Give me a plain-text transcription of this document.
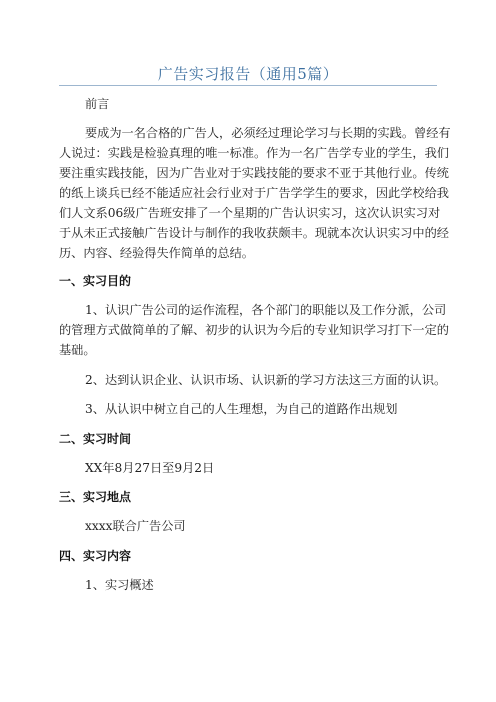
广告实习报告（通用5篇）
前言
要成为一名合格的广告人，必须经过理论学习与长期的实践。曾经有
人说过：实践是检验真理的唯一标准。作为一名广告学专业的学生，我们
要注重实践技能，因为广告业对于实践技能的要求不亚于其他行业。传统
的纸上谈兵已经不能适应社会行业对于广告学学生的要求，因此学校给我
们人文系06级广告班安排了一个星期的广告认识实习，这次认识实习对
于从未正式接触广告设计与制作的我收获颇丰。现就本次认识实习中的经
历、内容、经验得失作简单的总结。
一、实习目的
1、认识广告公司的运作流程，各个部门的职能以及工作分派，公司
的管理方式做简单的了解、初步的认识为今后的专业知识学习打下一定的
基础。
2、达到认识企业、认识市场、认识新的学习方法这三方面的认识。
3、从认识中树立自己的人生理想，为自己的道路作出规划
二、实习时间
XX年8月27日至9月2日
三、实习地点
xxxx联合广告公司
四、实习内容
1、实习概述
